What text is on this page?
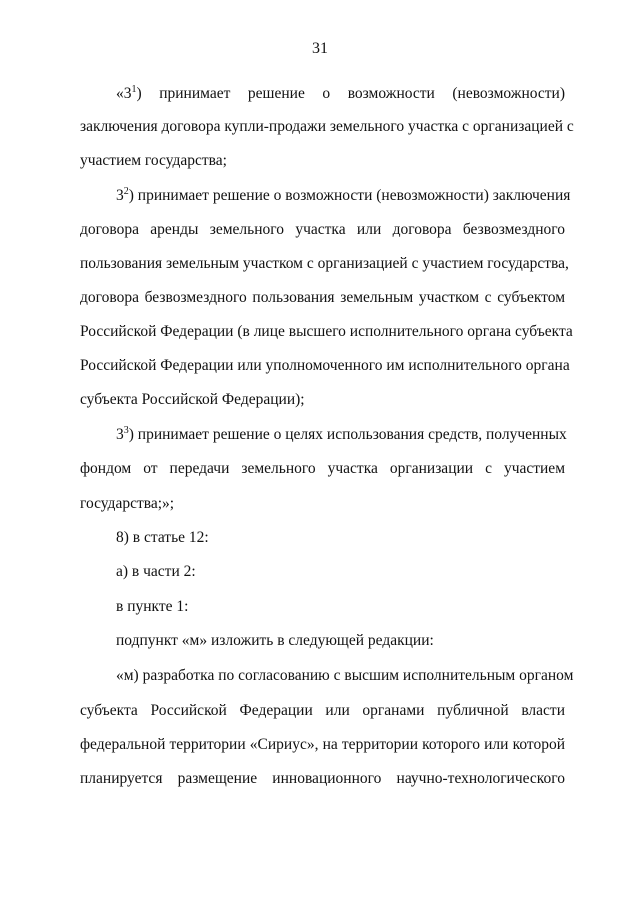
31
«$3^1$) принимает решение о возможности (невозможности)
заключения договора купли-продажи земельного участка с организацией с
участием государства;
$3^2$) принимает решение о возможности (невозможности) заключения
договора аренды земельного участка или договора безвозмездного
пользования земельным участком с организацией с участием государства,
договора безвозмездного пользования земельным участком с субъектом
Российской Федерации (в лице высшего исполнительного органа субъекта
Российской Федерации или уполномоченного им исполнительного органа
субъекта Российской Федерации);
$3^3$) принимает решение о целях использования средств, полученных
фондом от передачи земельного участка организации с участием
государства;»;
8) в статье 12:
а) в части 2:
в пункте 1:
подпункт «м» изложить в следующей редакции:
«м) разработка по согласованию с высшим исполнительным органом
субъекта Российской Федерации или органами публичной власти
федеральной территории «Сириус», на территории которого или которой
планируется размещение инновационного научно-технологического
